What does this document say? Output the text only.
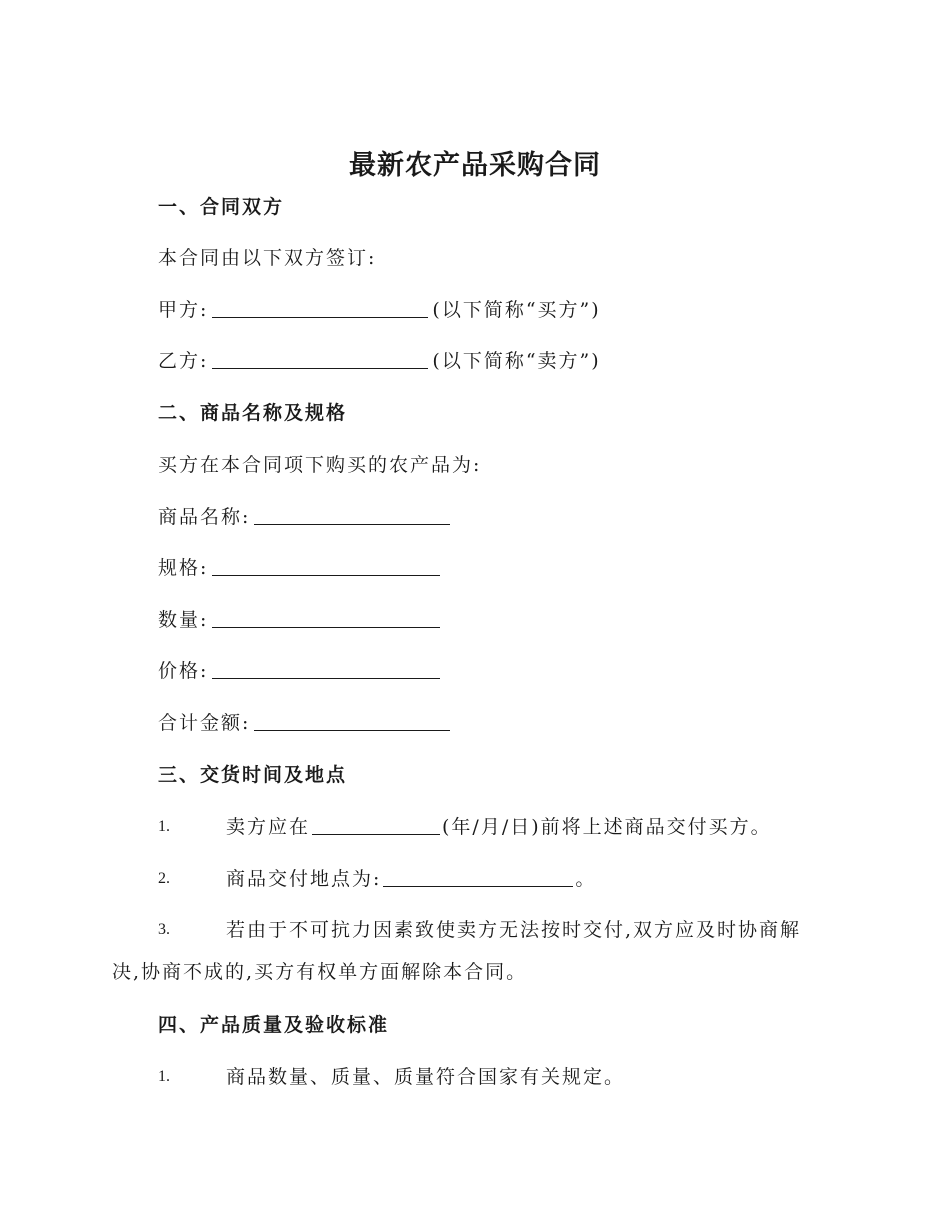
最新农产品采购合同
一、合同双方
本合同由以下双方签订:
甲方:	(以下简称“买方”)
乙方:	(以下简称“卖方”)
二、商品名称及规格
买方在本合同项下购买的农产品为:
商品名称:
规格:
数量:
价格:
合计金额:
三、交货时间及地点
1.	卖方应在	(年/月/日)前将上述商品交付买方。
2.	商品交付地点为:	。
3.	若由于不可抗力因素致使卖方无法按时交付,双方应及时协商解
决,协商不成的,买方有权单方面解除本合同。
四、产品质量及验收标准
1.	商品数量、质量、质量符合国家有关规定。
